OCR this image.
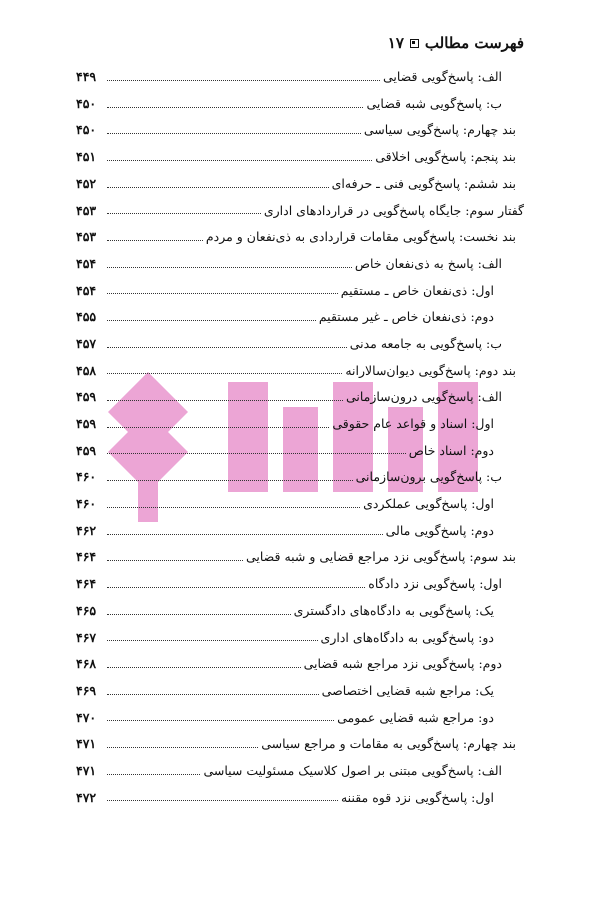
فهرست مطالب
۱۷
الف: پاسخ‌گویی قضایی
۴۴۹
ب: پاسخ‌گویی شبه قضایی
۴۵۰
بند چهارم: پاسخ‌گویی سیاسی
۴۵۰
بند پنجم: پاسخ‌گویی اخلاقی
۴۵۱
بند ششم: پاسخ‌گویی فنی ـ حرفه‌ای
۴۵۲
گفتار سوم: جایگاه پاسخ‌گویی در قراردادهای اداری
۴۵۳
بند نخست: پاسخ‌گویی مقامات قراردادی به ذی‌نفعان و مردم
۴۵۳
الف: پاسخ به ذی‌نفعان خاص
۴۵۴
اول: ذی‌نفعان خاص ـ مستقیم
۴۵۴
دوم: ذی‌نفعان خاص ـ غیر مستقیم
۴۵۵
ب: پاسخ‌گویی به جامعه مدنی
۴۵۷
بند دوم: پاسخ‌گویی دیوان‌سالارانه
۴۵۸
الف: پاسخ‌گویی درون‌سازمانی
۴۵۹
اول: اسناد و قواعد عام حقوقی
۴۵۹
دوم: اسناد خاص
۴۵۹
ب: پاسخ‌گویی برون‌سازمانی
۴۶۰
اول: پاسخ‌گویی عملکردی
۴۶۰
دوم: پاسخ‌گویی مالی
۴۶۲
بند سوم: پاسخ‌گویی نزد مراجع قضایی و شبه قضایی
۴۶۴
اول: پاسخ‌گویی نزد دادگاه
۴۶۴
یک: پاسخ‌گویی به دادگاه‌های دادگستری
۴۶۵
دو: پاسخ‌گویی به دادگاه‌های اداری
۴۶۷
دوم: پاسخ‌گویی نزد مراجع شبه قضایی
۴۶۸
یک: مراجع شبه قضایی اختصاصی
۴۶۹
دو: مراجع شبه قضایی عمومی
۴۷۰
بند چهارم: پاسخ‌گویی به مقامات و مراجع سیاسی
۴۷۱
الف: پاسخ‌گویی مبتنی بر اصول کلاسیک مسئولیت سیاسی
۴۷۱
اول: پاسخ‌گویی نزد قوه مقننه
۴۷۲
